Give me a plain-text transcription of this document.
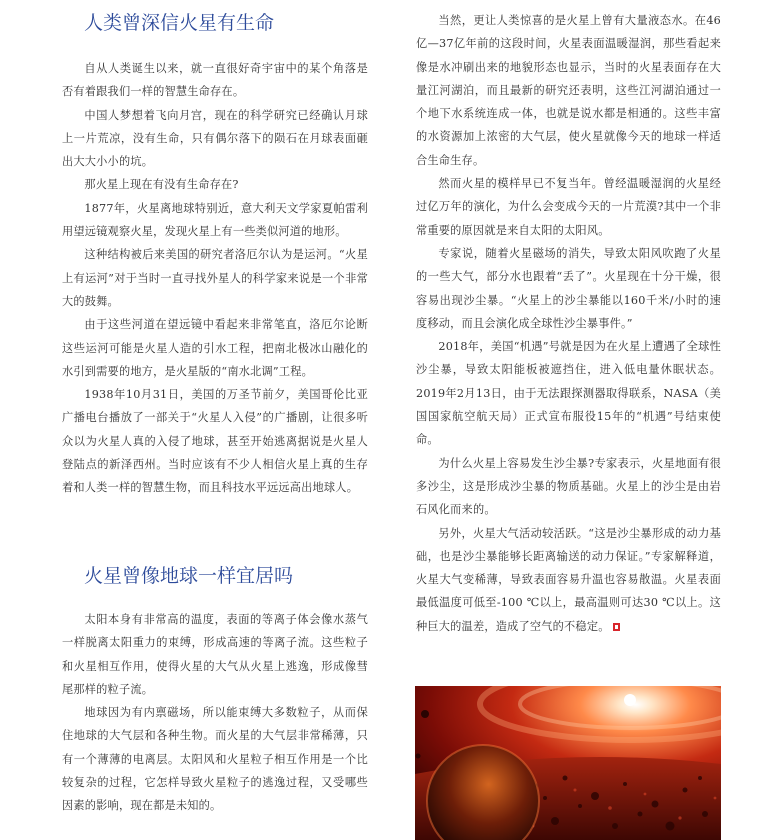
人类曾深信火星有生命

自从人类诞生以来，就一直很好奇宇宙中的某个角落是否有着跟我们一样的智慧生命存在。

中国人梦想着飞向月宫，现在的科学研究已经确认月球上一片荒凉，没有生命，只有偶尔落下的陨石在月球表面砸出大大小小的坑。

那火星上现在有没有生命存在?

1877年，火星离地球特别近，意大利天文学家夏帕雷利用望远镜观察火星，发现火星上有一些类似河道的地形。

这种结构被后来美国的研究者洛厄尔认为是运河。“火星上有运河”对于当时一直寻找外星人的科学家来说是一个非常大的鼓舞。

由于这些河道在望远镜中看起来非常笔直，洛厄尔论断这些运河可能是火星人造的引水工程，把南北极冰山融化的水引到需要的地方，是火星版的“南水北调”工程。

1938年10月31日，美国的万圣节前夕，美国哥伦比亚广播电台播放了一部关于“火星人入侵”的广播剧，让很多听众以为火星人真的入侵了地球，甚至开始逃离据说是火星人登陆点的新泽西州。当时应该有不少人相信火星上真的生存着和人类一样的智慧生物，而且科技水平远远高出地球人。

火星曾像地球一样宜居吗

太阳本身有非常高的温度，表面的等离子体会像水蒸气一样脱离太阳重力的束缚，形成高速的等离子流。这些粒子和火星相互作用，使得火星的大气从火星上逃逸，形成像彗尾那样的粒子流。

地球因为有内禀磁场，所以能束缚大多数粒子，从而保住地球的大气层和各种生物。而火星的大气层非常稀薄，只有一个薄薄的电离层。太阳风和火星粒子相互作用是一个比较复杂的过程，它怎样导致火星粒子的逃逸过程，又受哪些因素的影响，现在都是未知的。

当然，更让人类惊喜的是火星上曾有大量液态水。在46亿—37亿年前的这段时间，火星表面温暖湿润，那些看起来像是水冲刷出来的地貌形态也显示，当时的火星表面存在大量江河湖泊，而且最新的研究还表明，这些江河湖泊通过一个地下水系统连成一体，也就是说水都是相通的。这些丰富的水资源加上浓密的大气层，使火星就像今天的地球一样适合生命生存。

然而火星的模样早已不复当年。曾经温暖湿润的火星经过亿万年的演化，为什么会变成今天的一片荒漠?其中一个非常重要的原因就是来自太阳的太阳风。

专家说，随着火星磁场的消失，导致太阳风吹跑了火星的一些大气，部分水也跟着“丢了”。火星现在十分干燥，很容易出现沙尘暴。“火星上的沙尘暴能以160千米/小时的速度移动，而且会演化成全球性沙尘暴事件。”

2018年，美国“机遇”号就是因为在火星上遭遇了全球性沙尘暴，导致太阳能板被遮挡住，进入低电量休眠状态。2019年2月13日，由于无法跟探测器取得联系，NASA（美国国家航空航天局）正式宣布服役15年的“机遇”号结束使命。

为什么火星上容易发生沙尘暴?专家表示，火星地面有很多沙尘，这是形成沙尘暴的物质基础。火星上的沙尘是由岩石风化而来的。

另外，火星大气活动较活跃。“这是沙尘暴形成的动力基础，也是沙尘暴能够长距离输送的动力保证。”专家解释道，火星大气变稀薄，导致表面容易升温也容易散温。火星表面最低温度可低至-100 ℃以上，最高温则可达30 ℃以上。这种巨大的温差，造成了空气的不稳定。
